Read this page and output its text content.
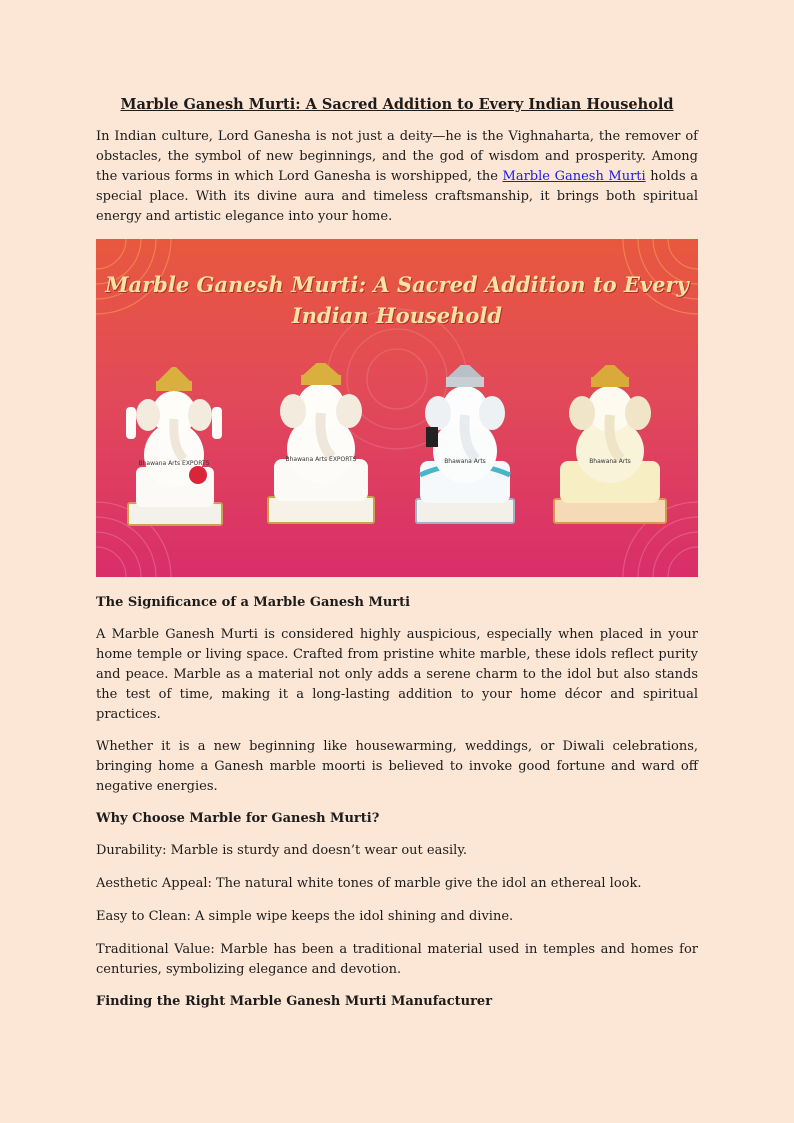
Marble Ganesh Murti: A Sacred Addition to Every Indian Household

In Indian culture, Lord Ganesha is not just a deity—he is the Vighnaharta, the remover of obstacles, the symbol of new beginnings, and the god of wisdom and prosperity. Among the various forms in which Lord Ganesha is worshipped, the Marble Ganesh Murti holds a special place. With its divine aura and timeless craftsmanship, it brings both spiritual energy and artistic elegance into your home.

Marble Ganesh Murti: A Sacred Addition to Every
Indian Household
Bhawana Arts EXPORTS
Bhawana Arts EXPORTS	Bhawana Arts	Bhawana Arts
The Significance of a Marble Ganesh Murti

A Marble Ganesh Murti is considered highly auspicious, especially when placed in your home temple or living space. Crafted from pristine white marble, these idols reflect purity and peace. Marble as a material not only adds a serene charm to the idol but also stands the test of time, making it a long-lasting addition to your home décor and spiritual practices.

Whether it is a new beginning like housewarming, weddings, or Diwali celebrations, bringing home a Ganesh marble moorti is believed to invoke good fortune and ward off negative energies.

Why Choose Marble for Ganesh Murti?

Durability: Marble is sturdy and doesn’t wear out easily.

Aesthetic Appeal: The natural white tones of marble give the idol an ethereal look.

Easy to Clean: A simple wipe keeps the idol shining and divine.

Traditional Value: Marble has been a traditional material used in temples and homes for centuries, symbolizing elegance and devotion.

Finding the Right Marble Ganesh Murti Manufacturer
